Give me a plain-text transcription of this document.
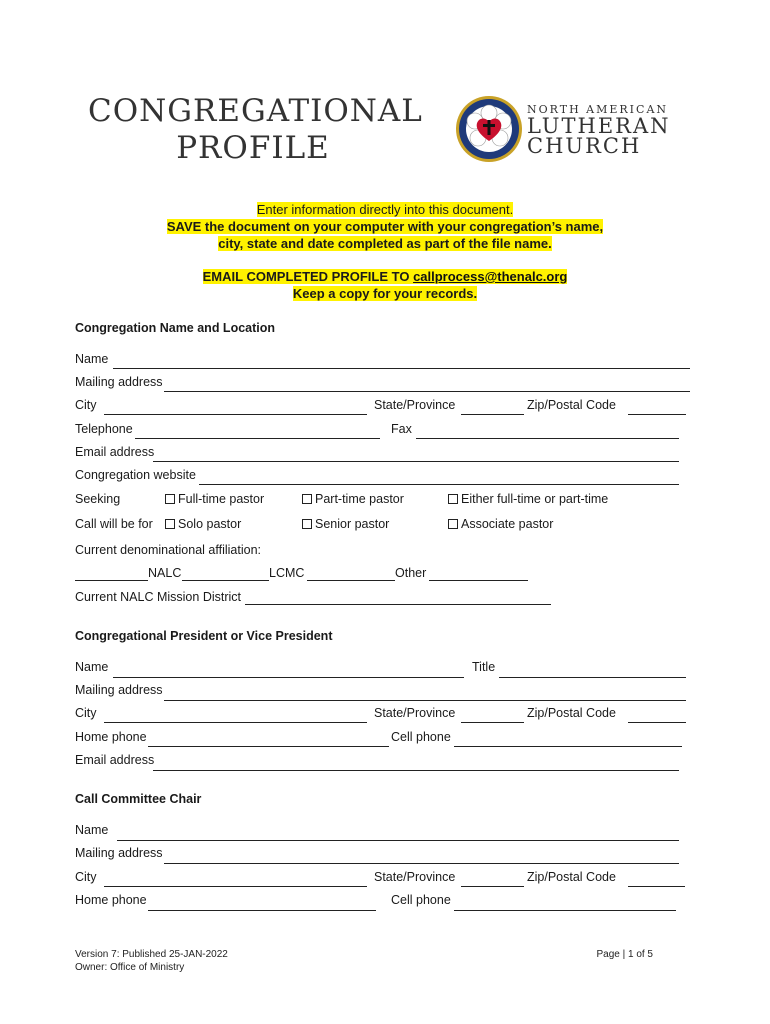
CONGREGATIONAL
PROFILE
NORTH AMERICAN
LUTHERAN
CHURCH
Enter information directly into this document.
SAVE the document on your computer with your congregation’s name,
city, state and date completed as part of the file name.
EMAIL COMPLETED PROFILE TO callprocess@thenalc.org
Keep a copy for your records.
Congregation Name and Location
Name
Mailing address
City	State/Province	Zip/Postal Code
Telephone	Fax
Email address
Congregation website
Seeking	Full-time pastor	Part-time pastor	Either full-time or part-time
Call will be for	Solo pastor	Senior pastor	Associate pastor
Current denominational affiliation:
NALC	LCMC	Other
Current NALC Mission District
Congregational President or Vice President
Name	Title
Mailing address
City	State/Province	Zip/Postal Code
Home phone	Cell phone
Email address
Call Committee Chair
Name
Mailing address
City	State/Province	Zip/Postal Code
Home phone	Cell phone
Version 7: Published 25-JAN-2022
Owner: Office of Ministry
Page | 1 of 5
